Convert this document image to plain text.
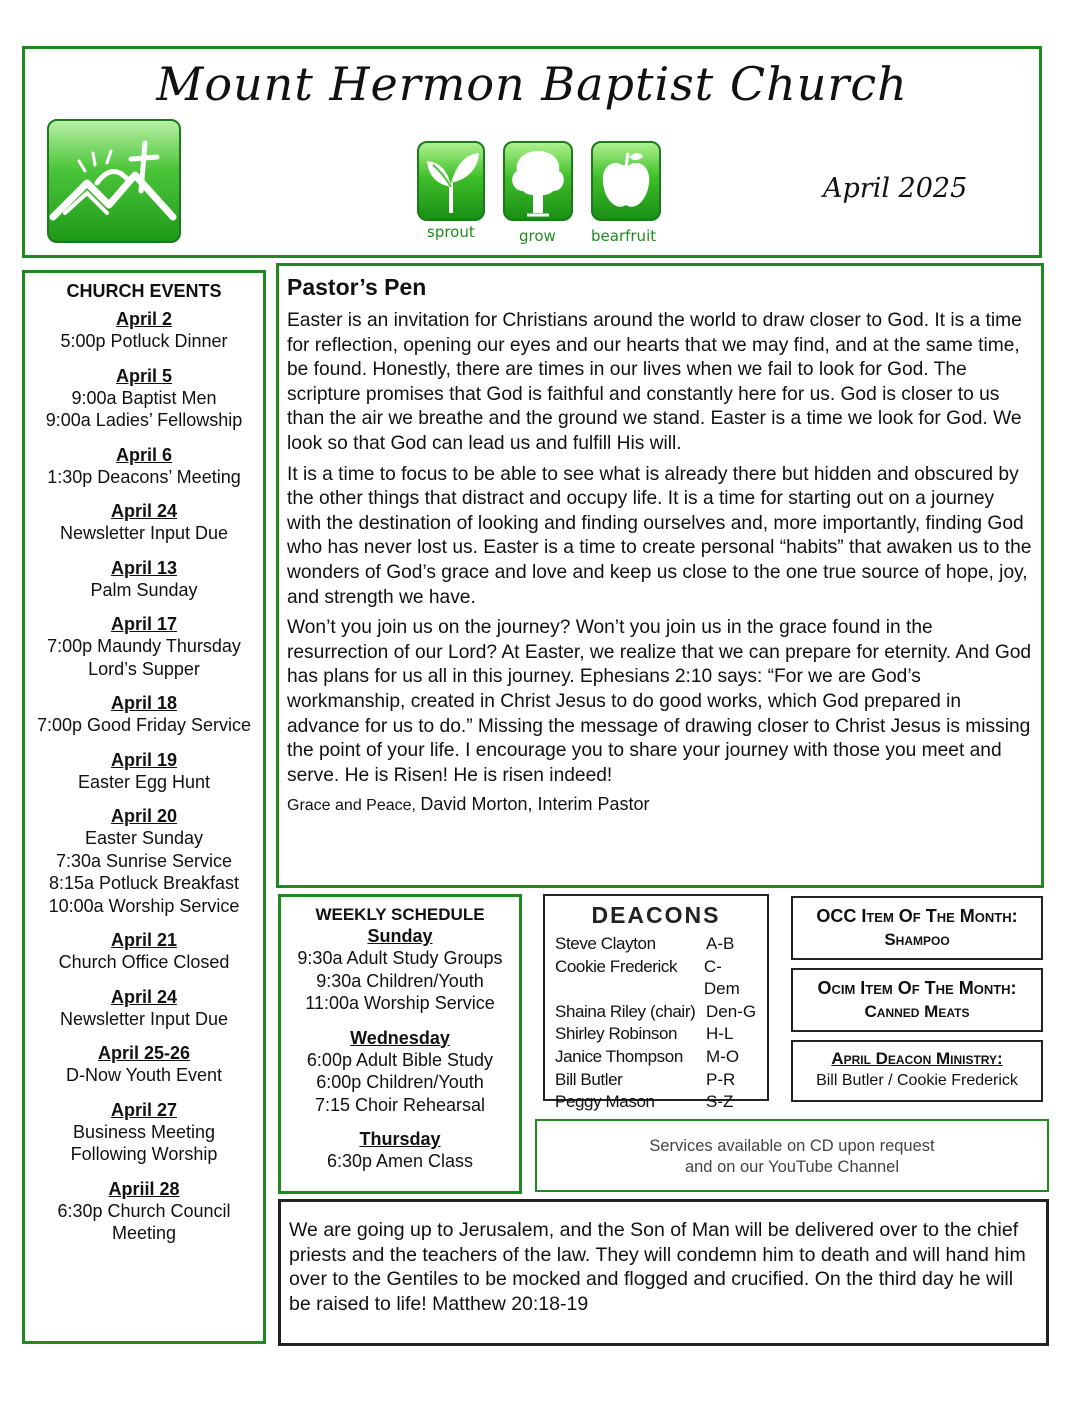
Mount Hermon Baptist Church
sprout	grow bearfruit
April 2025
CHURCH EVENTS
April 2
5:00p Potluck Dinner
April 5
9:00a Baptist Men
9:00a Ladies’ Fellowship
April 6
1:30p Deacons’ Meeting
April 24
Newsletter Input Due
April 13
Palm Sunday
April 17
7:00p Maundy Thursday
Lord’s Supper
April 18
7:00p Good Friday Service
April 19
Easter Egg Hunt
April 20
Easter Sunday
7:30a Sunrise Service
8:15a Potluck Breakfast
10:00a Worship Service
April 21
Church Office Closed
April 24
Newsletter Input Due
April 25-26
D-Now Youth Event
April 27
Business Meeting
Following Worship
Apriil 28
6:30p Church Council
Meeting
Pastor’s Pen

Easter is an invitation for Christians around the world to draw closer to God. It is a time for reflection, opening our eyes and our hearts that we may find, and at the same time, be found. Honestly, there are times in our lives when we fail to look for God. The scripture promises that God is faithful and constantly here for us. God is closer to us than the air we breathe and the ground we stand. Easter is a time we look for God. We look so that God can lead us and fulfill His will.

It is a time to focus to be able to see what is already there but hidden and obscured by the other things that distract and occupy life. It is a time for starting out on a journey with the destination of looking and finding ourselves and, more importantly, finding God who has never lost us. Easter is a time to create personal “habits” that awaken us to the wonders of God’s grace and love and keep us close to the one true source of hope, joy, and strength we have.

Won’t you join us on the journey? Won’t you join us in the grace found in the resurrection of our Lord? At Easter, we realize that we can prepare for eternity. And God has plans for us all in this journey. Ephesians 2:10 says: “For we are God’s workmanship, created in Christ Jesus to do good works, which God prepared in advance for us to do.” Missing the message of drawing closer to Christ Jesus is missing the point of your life. I encourage you to share your journey with those you meet and serve. He is Risen! He is risen indeed!

Grace and Peace, David Morton, Interim Pastor
WEEKLY SCHEDULE
Sunday
9:30a Adult Study Groups
9:30a Children/Youth
11:00a Worship Service
Wednesday
6:00p Adult Bible Study
6:00p Children/Youth
7:15 Choir Rehearsal
Thursday
6:30p Amen Class
DEACONS
Steve Clayton	A-B
Cookie Frederick	C-Dem
Shaina Riley (chair) Den-G
Shirley Robinson	H-L
Janice Thompson	M-O
Bill Butler	P-R
Peggy Mason	S-Z
OCC Item Of The Month:
Shampoo
Ocim Item Of The Month:
Canned Meats
April Deacon Ministry:
Bill Butler / Cookie Frederick
Services available on CD upon request
and on our YouTube Channel
We are going up to Jerusalem, and the Son of Man will be delivered over to the chief priests and the teachers of the law. They will condemn him to death and will hand him over to the Gentiles to be mocked and flogged and crucified. On the third day he will be raised to life! Matthew 20:18-19
